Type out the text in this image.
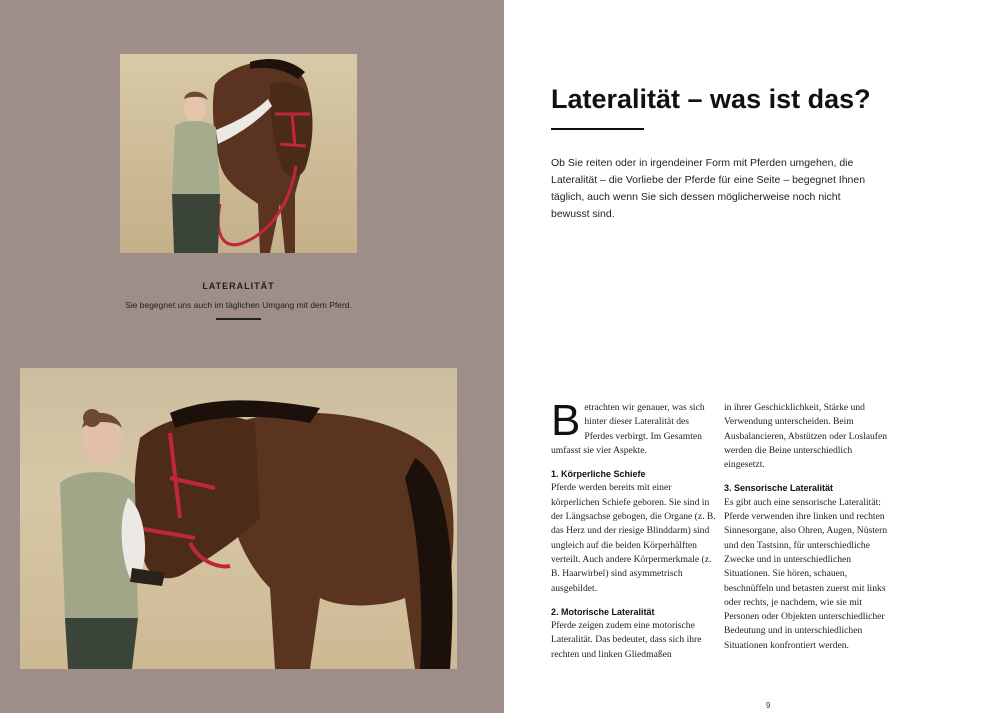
LATERALITÄT
Sie begegnet uns auch im täglichen Umgang mit dem Pferd.
Lateralität – was ist das?

Ob Sie reiten oder in irgendeiner Form mit Pferden umgehen, die Lateralität – die Vorliebe der Pferde für eine Seite – begegnet Ihnen täglich, auch wenn Sie sich dessen möglicherweise noch nicht bewusst sind.

Betrachten wir genauer, was sich hinter dieser Lateralität des Pferdes verbirgt. Im Gesamten umfasst sie vier Aspekte.
1. Körperliche Schiefe
Pferde werden bereits mit einer körperlichen Schiefe geboren. Sie sind in der Längsachse gebogen, die Organe (z. B. das Herz und der riesige Blinddarm) sind ungleich auf die beiden Körperhälften verteilt. Auch andere Körpermerkmale (z. B. Haarwirbel) sind asymmetrisch ausgebildet.
2. Motorische Lateralität
Pferde zeigen zudem eine motorische Lateralität. Das bedeutet, dass sich ihre rechten und linken Gliedmaßen
in ihrer Geschicklichkeit, Stärke und Verwendung unterscheiden. Beim Ausbalancieren, Abstützen oder Loslaufen werden die Beine unterschiedlich eingesetzt.
3. Sensorische Lateralität
Es gibt auch eine sensorische Lateralität: Pferde verwenden ihre linken und rechten Sinnesorgane, also Ohren, Augen, Nüstern und den Tastsinn, für unterschiedliche Zwecke und in unterschiedlichen Situationen. Sie hören, schauen, beschnüffeln und betasten zuerst mit links oder rechts, je nachdem, wie sie mit Personen oder Objekten unterschiedlicher Bedeutung und in unterschiedlichen Situationen konfrontiert werden.
9
